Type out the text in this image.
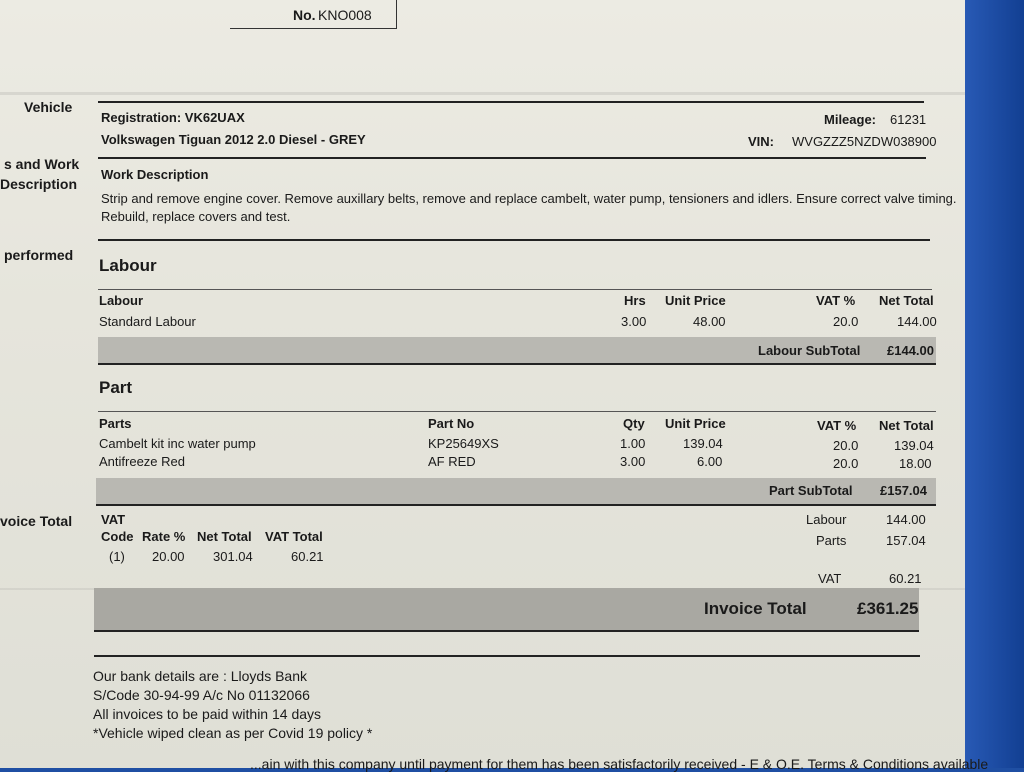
No. KNO008
Vehicle
s and Work
Description
performed
voice Total
Registration: VK62UAX
Volkswagen Tiguan 2012 2.0 Diesel - GREY
Mileage: 61231
VIN: WVGZZZ5NZDW038900
Work Description
Strip and remove engine cover. Remove auxillary belts, remove and replace cambelt, water pump, tensioners and idlers. Ensure correct valve timing.
Rebuild, replace covers and test.
Labour
Labour	Hrs Unit Price	VAT % Net Total
Standard Labour	3.00	48.00	20.0	144.00
Labour SubTotal £144.00
Part
Parts	Part No	Qty Unit Price	VAT % Net Total
Cambelt kit inc water pump	KP25649XS	1.00	139.04	20.0	139.04
Antifreeze Red	AF RED	3.00	6.00	20.0	18.00
Part SubTotal £157.04
VAT
Code Rate % Net Total VAT Total
(1) 20.00 301.04	60.21
Labour	144.00
Parts	157.04
VAT	60.21
Invoice Total	£361.25
Our bank details are : Lloyds Bank
S/Code 30-94-99 A/c No 01132066
All invoices to be paid within 14 days
*Vehicle wiped clean as per Covid 19 policy *
...ain with this company until payment for them has been satisfactorily received - E & O.E. Terms & Conditions available
